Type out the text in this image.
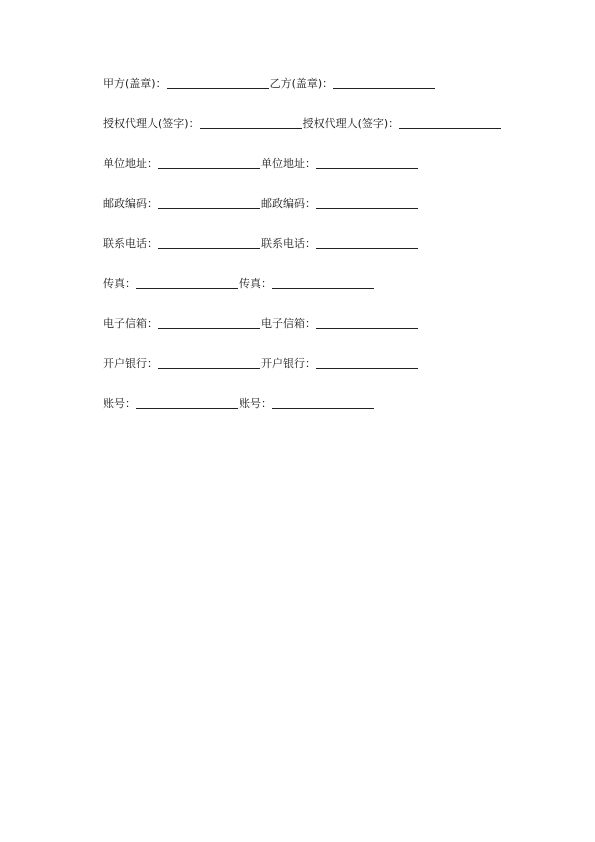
甲方(盖章)：	乙方(盖章)：
授权代理人(签字)：	授权代理人(签字)：
单位地址：	单位地址：
邮政编码：	邮政编码：
联系电话：	联系电话：
传真：	传真：
电子信箱：	电子信箱：
开户银行：	开户银行：
账号：	账号：
